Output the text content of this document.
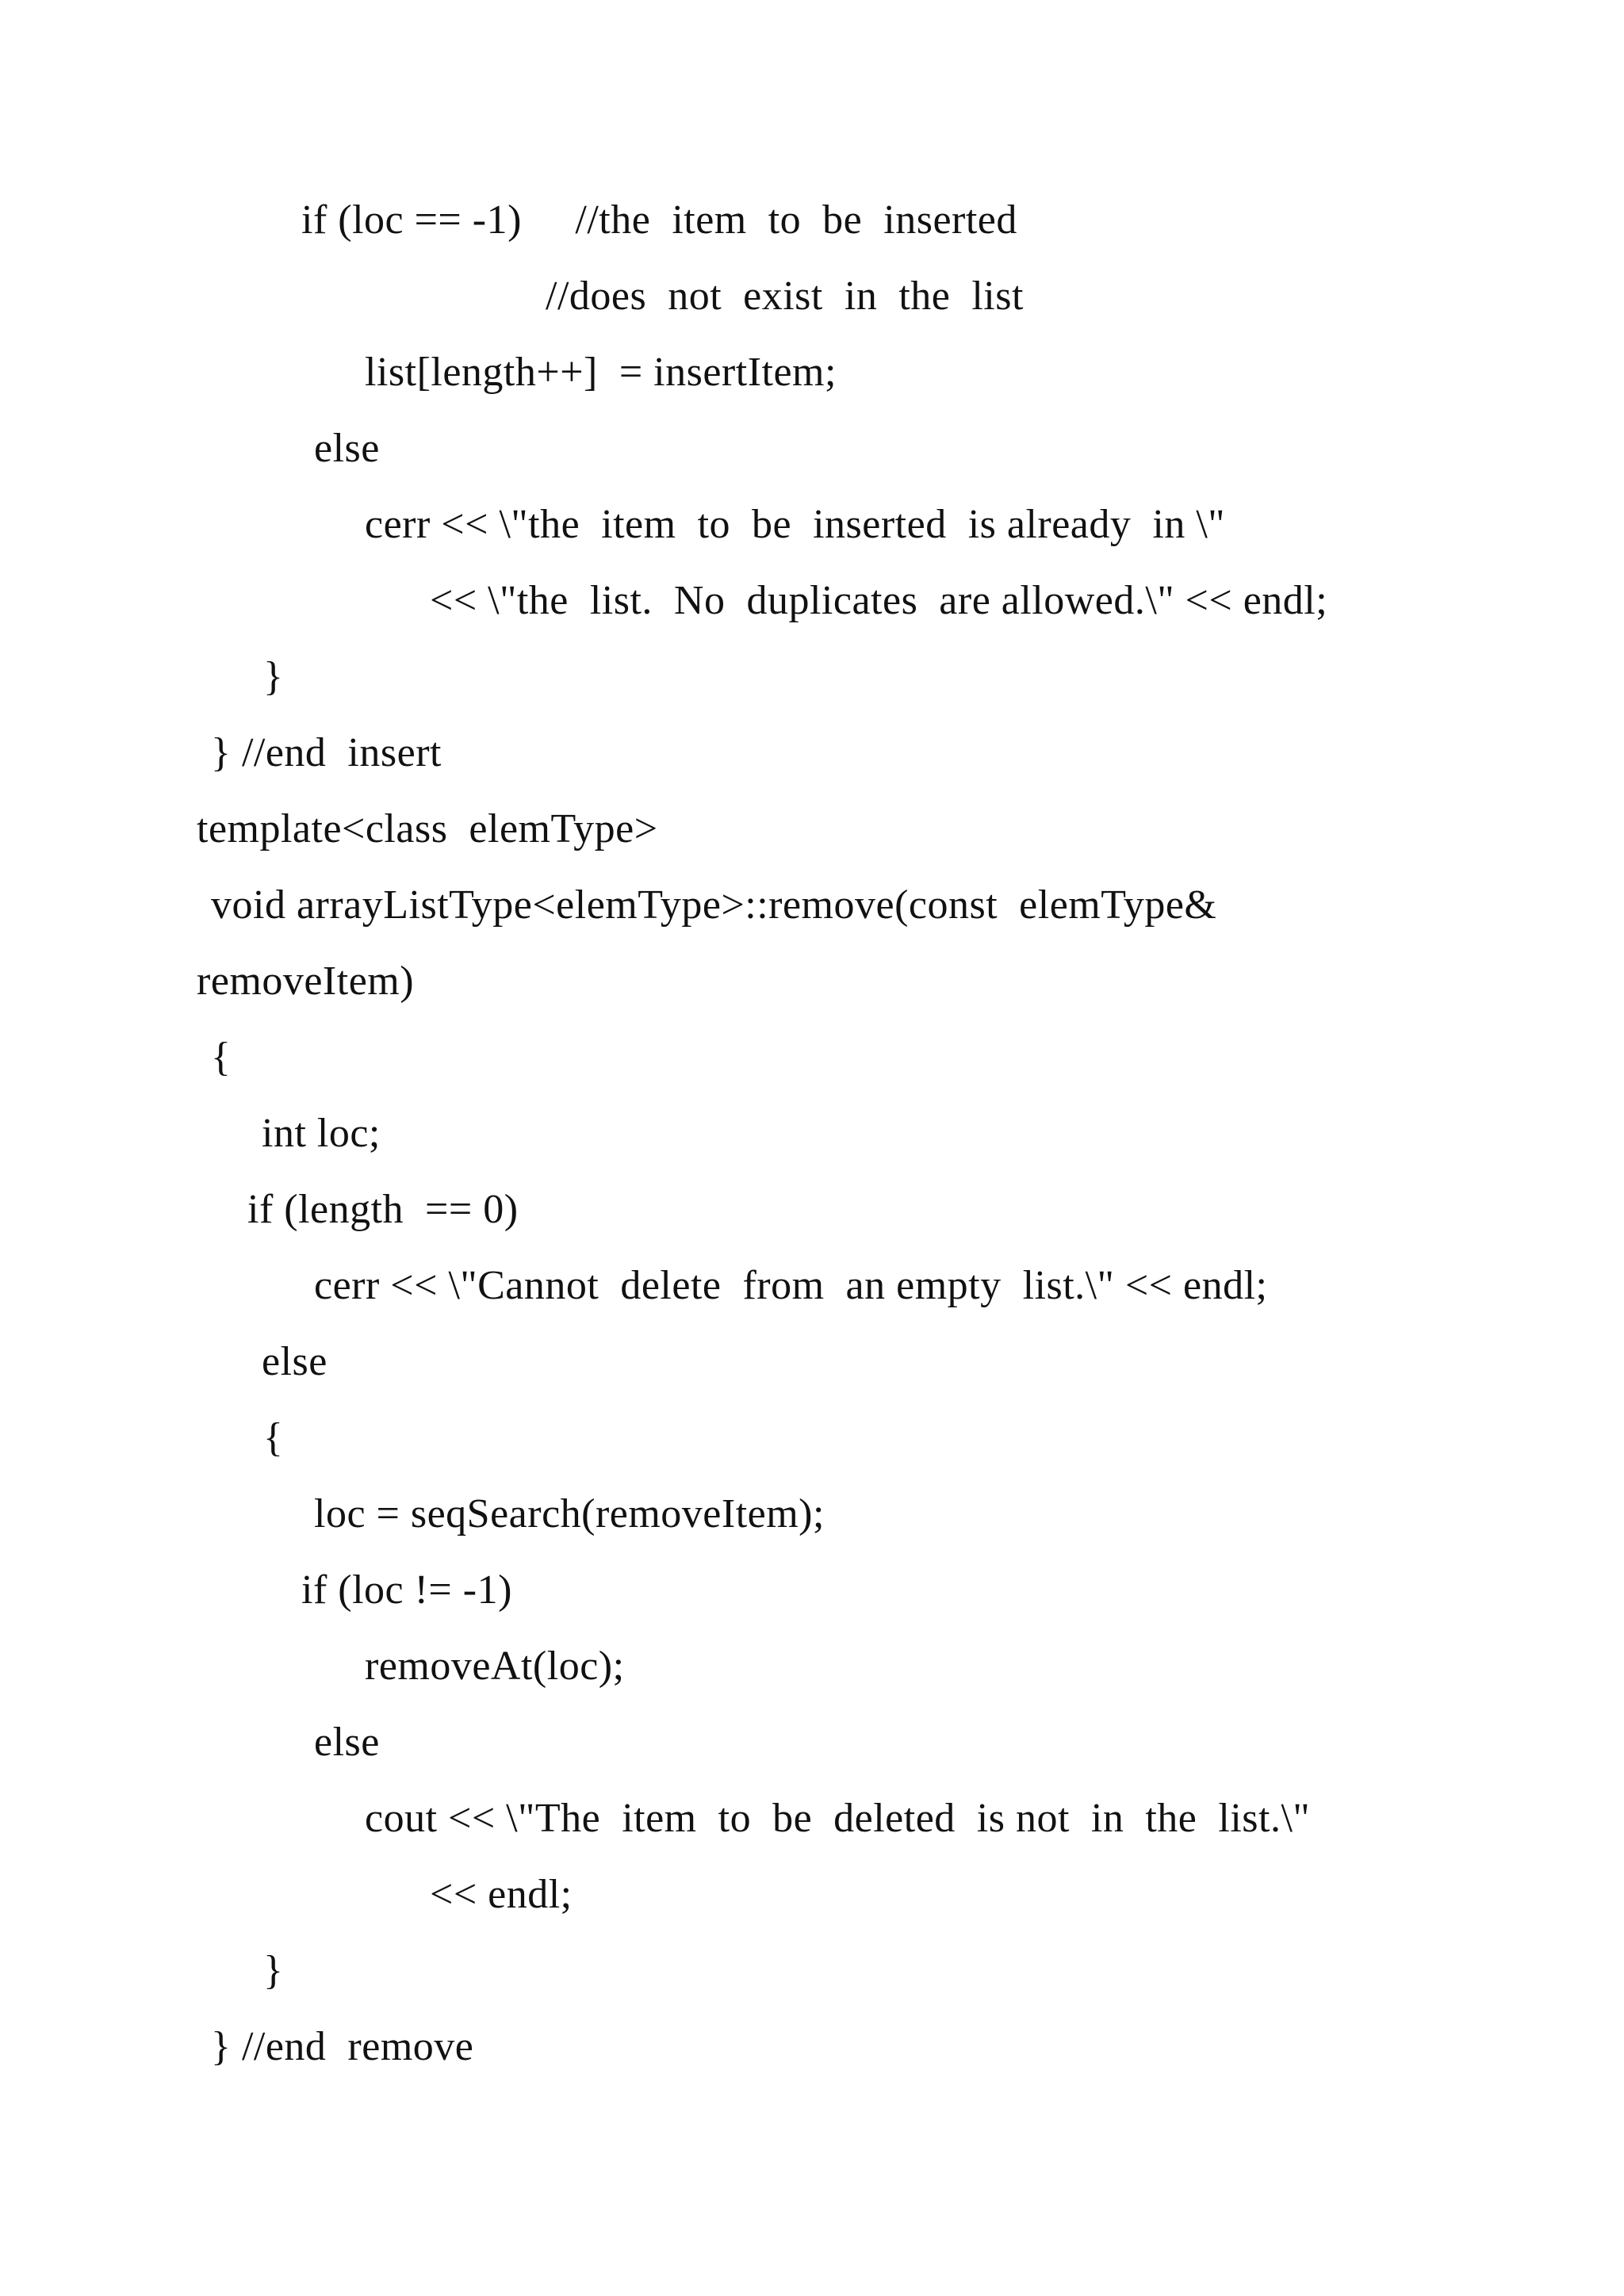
if (loc == -1)     //the  item  to  be  inserted
//does  not  exist  in  the  list
list[length++]  = insertItem;
else
cerr << \"the  item  to  be  inserted  is already  in \"
<< \"the  list.  No  duplicates  are allowed.\" << endl;
}
} //end  insert
template<class  elemType>
void arrayListType<elemType>::remove(const  elemType&
removeItem)
{
int loc;
if (length  == 0)
cerr << \"Cannot  delete  from  an empty  list.\" << endl;
else
{
loc = seqSearch(removeItem);
if (loc != -1)
removeAt(loc);
else
cout << \"The  item  to  be  deleted  is not  in  the  list.\"
<< endl;
}
} //end  remove
